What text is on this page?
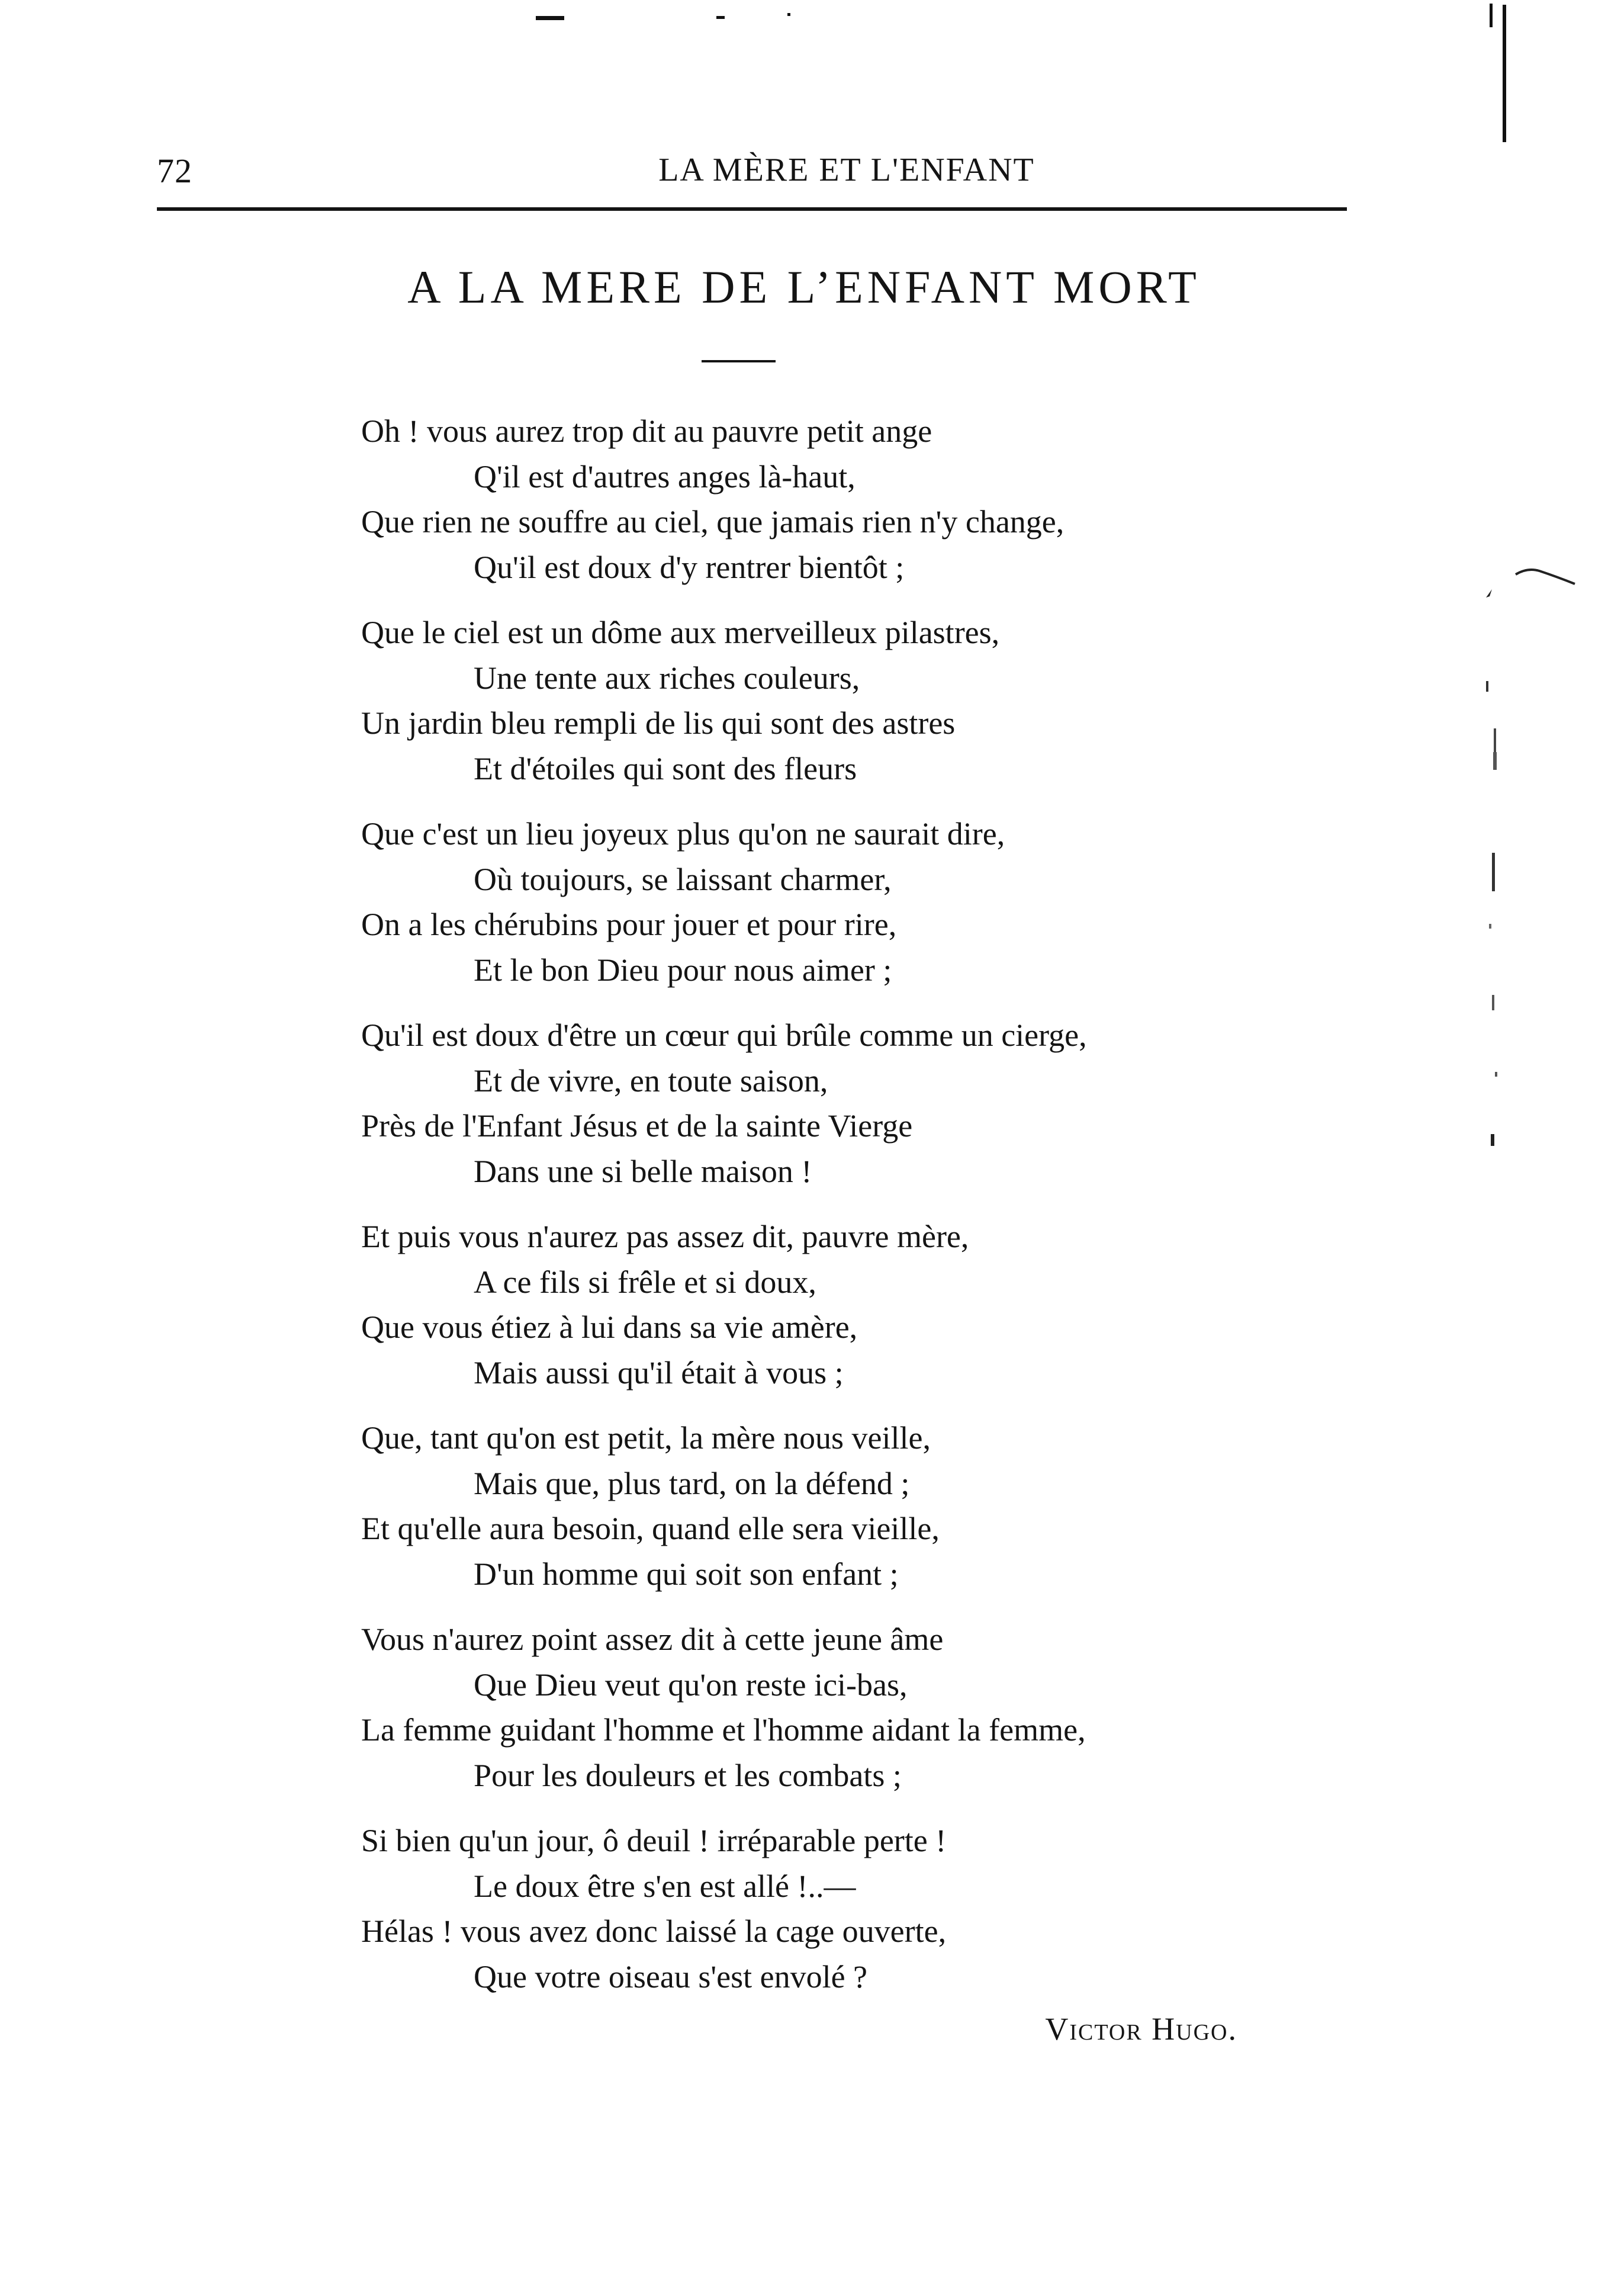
72	LA MÈRE ET L'ENFANT
A LA MERE DE L’ENFANT MORT
Oh ! vous aurez trop dit au pauvre petit ange
Q'il est d'autres anges là-haut,
Que rien ne souffre au ciel, que jamais rien n'y change,
Qu'il est doux d'y rentrer bientôt ;
Que le ciel est un dôme aux merveilleux pilastres,
Une tente aux riches couleurs,
Un jardin bleu rempli de lis qui sont des astres
Et d'étoiles qui sont des fleurs
Que c'est un lieu joyeux plus qu'on ne saurait dire,
Où toujours, se laissant charmer,
On a les chérubins pour jouer et pour rire,
Et le bon Dieu pour nous aimer ;
Qu'il est doux d'être un cœur qui brûle comme un cierge,
Et de vivre, en toute saison,
Près de l'Enfant Jésus et de la sainte Vierge
Dans une si belle maison !
Et puis vous n'aurez pas assez dit, pauvre mère,
A ce fils si frêle et si doux,
Que vous étiez à lui dans sa vie amère,
Mais aussi qu'il était à vous ;
Que, tant qu'on est petit, la mère nous veille,
Mais que, plus tard, on la défend ;
Et qu'elle aura besoin, quand elle sera vieille,
D'un homme qui soit son enfant ;
Vous n'aurez point assez dit à cette jeune âme
Que Dieu veut qu'on reste ici-bas,
La femme guidant l'homme et l'homme aidant la femme,
Pour les douleurs et les combats ;
Si bien qu'un jour, ô deuil ! irréparable perte !
Le doux être s'en est allé !..—
Hélas ! vous avez donc laissé la cage ouverte,
Que votre oiseau s'est envolé ?
Victor Hugo.
